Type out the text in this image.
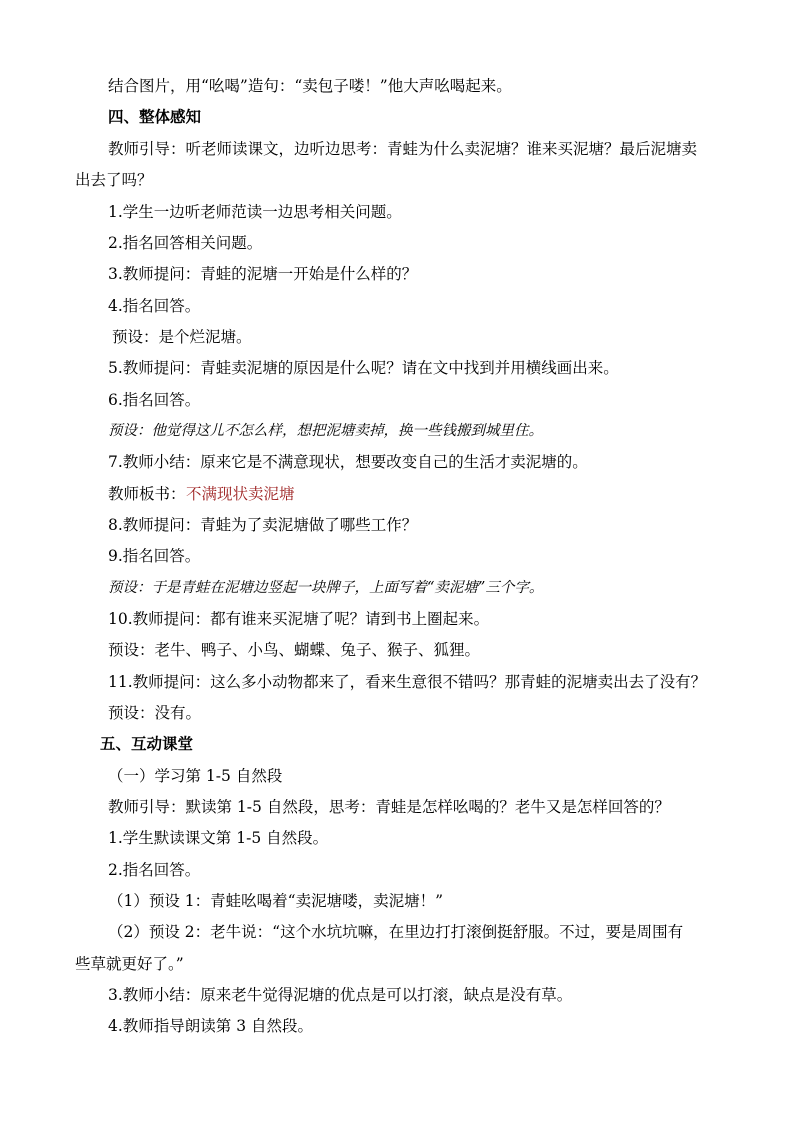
结合图片，用“吆喝”造句：“卖包子喽！”他大声吆喝起来。
四、整体感知
教师引导：听老师读课文，边听边思考：青蛙为什么卖泥塘？谁来买泥塘？最后泥塘卖
出去了吗？
1.学生一边听老师范读一边思考相关问题。
2.指名回答相关问题。
3.教师提问：青蛙的泥塘一开始是什么样的？
4.指名回答。
预设：是个烂泥塘。
5.教师提问：青蛙卖泥塘的原因是什么呢？请在文中找到并用横线画出来。
6.指名回答。
预设：他觉得这儿不怎么样，想把泥塘卖掉，换一些钱搬到城里住。
7.教师小结：原来它是不满意现状，想要改变自己的生活才卖泥塘的。
教师板书： 不满现状卖泥塘
8.教师提问：青蛙为了卖泥塘做了哪些工作？
9.指名回答。
预设：于是青蛙在泥塘边竖起一块牌子，上面写着“卖泥塘”三个字。
10.教师提问：都有谁来买泥塘了呢？请到书上圈起来。
预设：老牛、鸭子、小鸟、蝴蝶、兔子、猴子、狐狸。
11.教师提问：这么多小动物都来了，看来生意很不错吗？那青蛙的泥塘卖出去了没有？
预设：没有。
五、互动课堂
（一）学习第 1-5 自然段
教师引导：默读第 1-5 自然段，思考：青蛙是怎样吆喝的？老牛又是怎样回答的？
1.学生默读课文第 1-5 自然段。
2.指名回答。
（1）预设 1：青蛙吆喝着“卖泥塘喽，卖泥塘！”
（2）预设 2：老牛说：“这个水坑坑嘛，在里边打打滚倒挺舒服。不过，要是周围有
些草就更好了。”
3.教师小结：原来老牛觉得泥塘的优点是可以打滚，缺点是没有草。
4.教师指导朗读第 3 自然段。
